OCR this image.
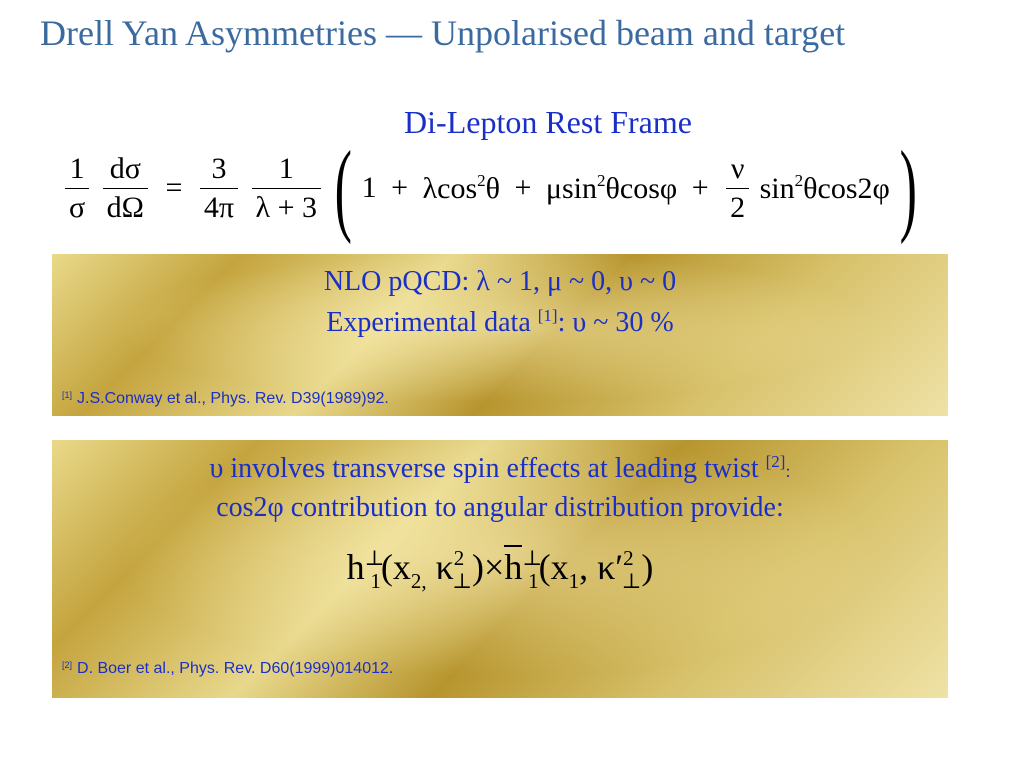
Drell Yan Asymmetries — Unpolarised beam and target
Di-Lepton Rest Frame
$\frac{1}{\sigma}$
$\frac{d\sigma}{d\Omega} = \frac{3}{4\pi}$
$\frac{1}{\lambda + 3}$ ( $1 + \lambda\cos^2\theta + \mu\sin^2\theta\cos\varphi + \frac{\nu}{2} \sin^2\theta\cos 2\varphi$ )
NLO pQCD: λ ~ 1, μ ~ 0, υ ~ 0
Experimental data [1]: υ ~ 30 %
[1] J.S.Conway et al., Phys. Rev. D39(1989)92.
υ involves transverse spin effects at leading twist [2]:
cos2φ contribution to angular distribution provide:
$h^\perp_1(x_{2,}$ $\kappa^2_\perp)\times h^\perp_1(x_1$, $\kappa'^2_\perp$)
[2] D. Boer et al., Phys. Rev. D60(1999)014012.
